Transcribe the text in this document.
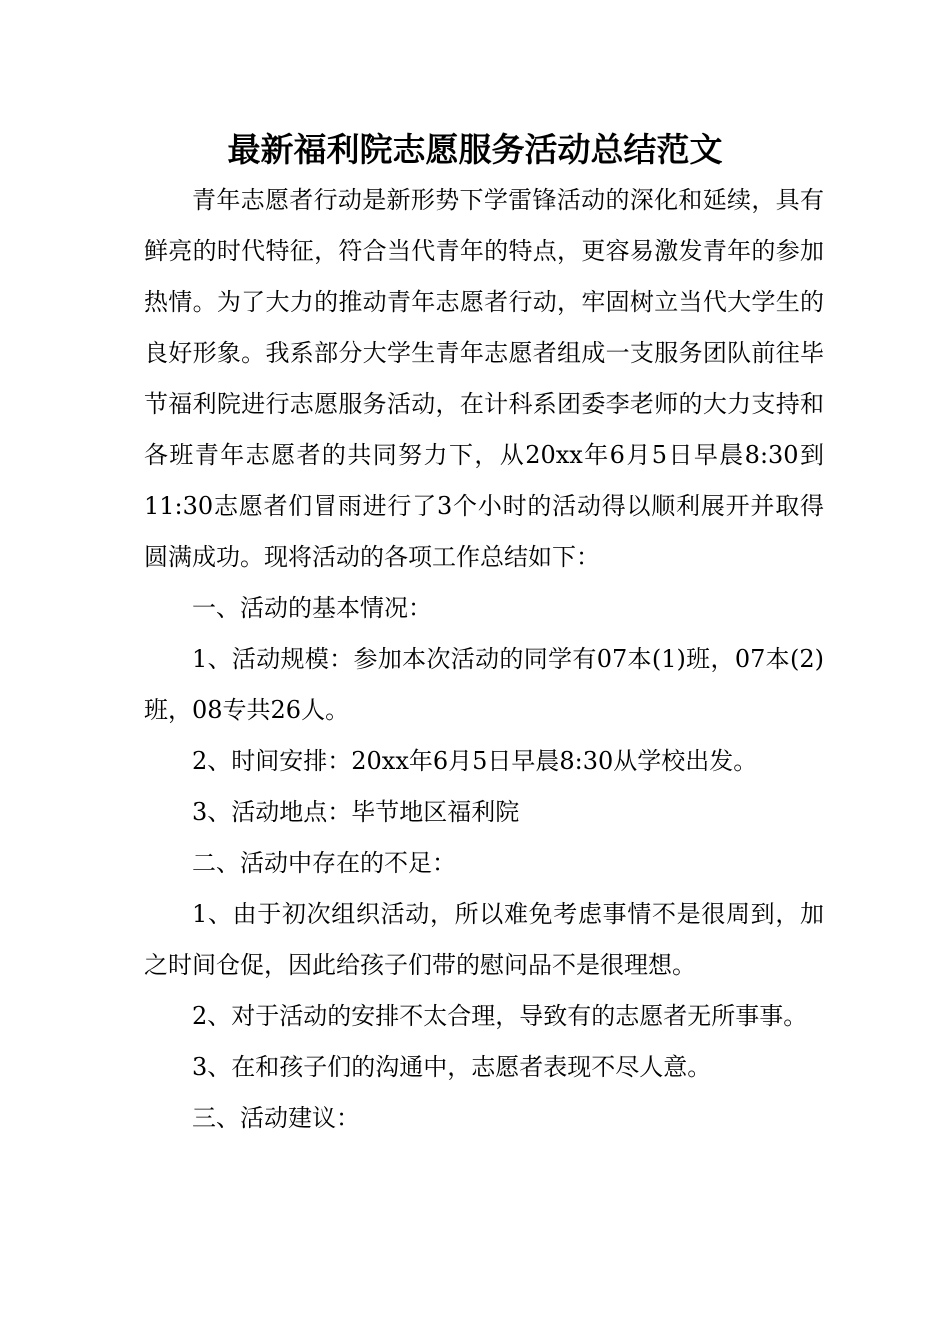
最新福利院志愿服务活动总结范文

青年志愿者行动是新形势下学雷锋活动的深化和延续，具有鲜亮的时代特征，符合当代青年的特点，更容易激发青年的参加热情。为了大力的推动青年志愿者行动，牢固树立当代大学生的良好形象。我系部分大学生青年志愿者组成一支服务团队前往毕节福利院进行志愿服务活动，在计科系团委李老师的大力支持和各班青年志愿者的共同努力下，从20xx年6月5日早晨8:30到11:30志愿者们冒雨进行了3个小时的活动得以顺利展开并取得圆满成功。现将活动的各项工作总结如下：

一、活动的基本情况：

1、活动规模：参加本次活动的同学有07本(1)班，07本(2)班，08专共26人。

2、时间安排：20xx年6月5日早晨8:30从学校出发。

3、活动地点：毕节地区福利院

二、活动中存在的不足：

1、由于初次组织活动，所以难免考虑事情不是很周到，加之时间仓促，因此给孩子们带的慰问品不是很理想。

2、对于活动的安排不太合理，导致有的志愿者无所事事。

3、在和孩子们的沟通中，志愿者表现不尽人意。

三、活动建议：
